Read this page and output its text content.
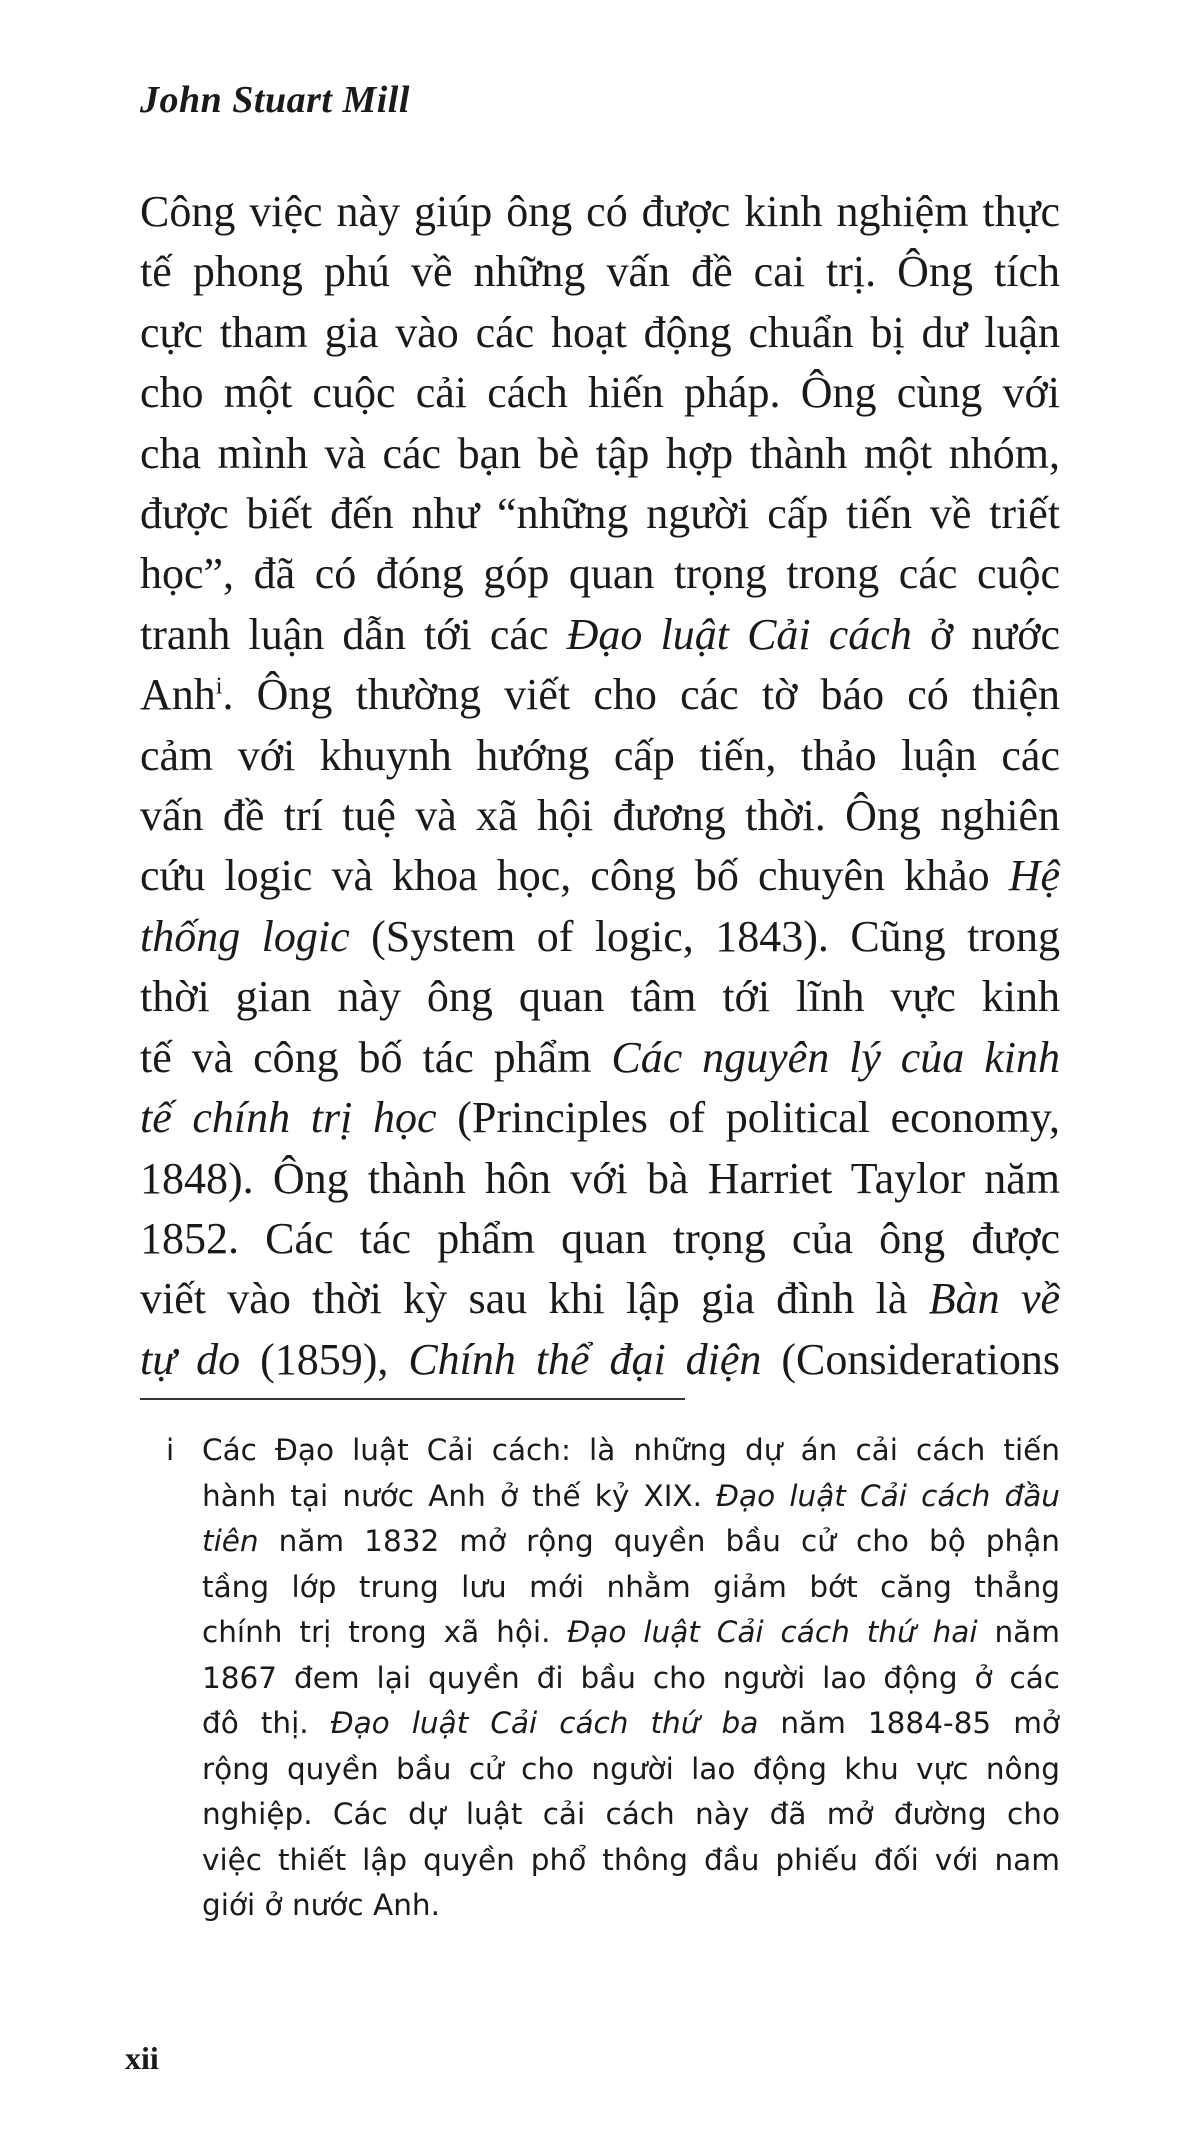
John Stuart Mill
Công việc này giúp ông có được kinh nghiệm thực
tế phong phú về những vấn đề cai trị. Ông tích
cực tham gia vào các hoạt động chuẩn bị dư luận
cho một cuộc cải cách hiến pháp. Ông cùng với
cha mình và các bạn bè tập hợp thành một nhóm,
được biết đến như “những người cấp tiến về triết
học”, đã có đóng góp quan trọng trong các cuộc
tranh luận dẫn tới các Đạo luật Cải cách ở nước
Anh$^i$. Ông thường viết cho các tờ báo có thiện
cảm với khuynh hướng cấp tiến, thảo luận các
vấn đề trí tuệ và xã hội đương thời. Ông nghiên
cứu logic và khoa học, công bố chuyên khảo Hệ
thống logic (System of logic, 1843). Cũng trong
thời gian này ông quan tâm tới lĩnh vực kinh
tế và công bố tác phẩm Các nguyên lý của kinh
tế chính trị học (Principles of political economy,
1848). Ông thành hôn với bà Harriet Taylor năm
1852. Các tác phẩm quan trọng của ông được
viết vào thời kỳ sau khi lập gia đình là Bàn về
tự do (1859), Chính thể đại diện (Considerations
i Các Đạo luật Cải cách: là những dự án cải cách tiến
hành tại nước Anh ở thế kỷ XIX. Đạo luật Cải cách đầu
tiên năm 1832 mở rộng quyền bầu cử cho bộ phận
tầng lớp trung lưu mới nhằm giảm bớt căng thẳng
chính trị trong xã hội. Đạo luật Cải cách thứ hai năm
1867 đem lại quyền đi bầu cho người lao động ở các
đô thị. Đạo luật Cải cách thứ ba năm 1884-85 mở
rộng quyền bầu cử cho người lao động khu vực nông
nghiệp. Các dự luật cải cách này đã mở đường cho
việc thiết lập quyền phổ thông đầu phiếu đối với nam
giới ở nước Anh.
xii
